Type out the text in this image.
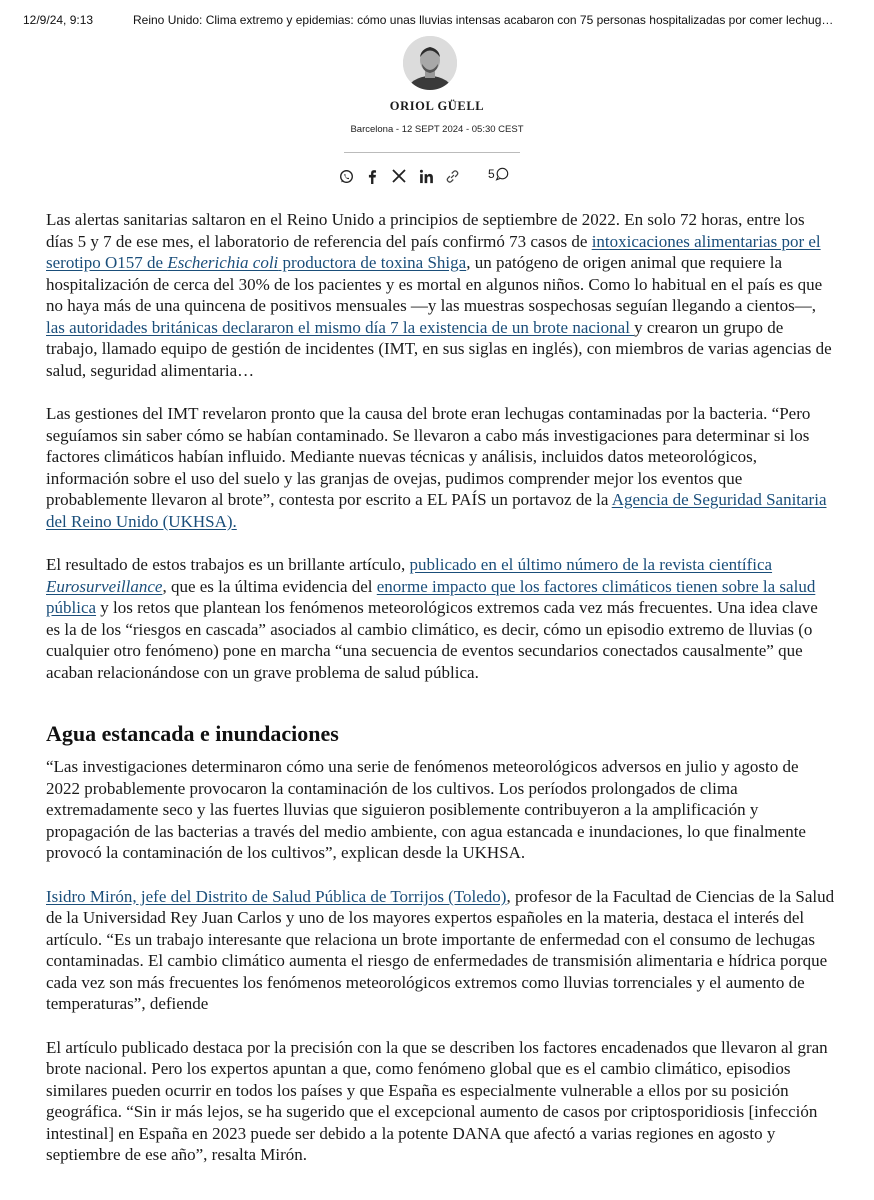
12/9/24, 9:13	Reino Unido: Clima extremo y epidemias: cómo unas lluvias intensas acabaron con 75 personas hospitalizadas por comer lechug…
ORIOL GÜELL
Barcelona - 12 SEPT 2024 - 05:30 CEST
5

Las alertas sanitarias saltaron en el Reino Unido a principios de septiembre de 2022. En solo 72 horas, entre los días 5 y 7 de ese mes, el laboratorio de referencia del país confirmó 73 casos de intoxicaciones alimentarias por el serotipo O157 de Escherichia coli productora de toxina Shiga, un patógeno de origen animal que requiere la hospitalización de cerca del 30% de los pacientes y es mortal en algunos niños. Como lo habitual en el país es que no haya más de una quincena de positivos mensuales —y las muestras sospechosas seguían llegando a cientos—, las autoridades británicas declararon el mismo día 7 la existencia de un brote nacional y crearon un grupo de trabajo, llamado equipo de gestión de incidentes (IMT, en sus siglas en inglés), con miembros de varias agencias de salud, seguridad alimentaria…

Las gestiones del IMT revelaron pronto que la causa del brote eran lechugas contaminadas por la bacteria. “Pero seguíamos sin saber cómo se habían contaminado. Se llevaron a cabo más investigaciones para determinar si los factores climáticos habían influido. Mediante nuevas técnicas y análisis, incluidos datos meteorológicos, información sobre el uso del suelo y las granjas de ovejas, pudimos comprender mejor los eventos que probablemente llevaron al brote”, contesta por escrito a EL PAÍS un portavoz de la Agencia de Seguridad Sanitaria del Reino Unido (UKHSA).

El resultado de estos trabajos es un brillante artículo, publicado en el último número de la revista científica Eurosurveillance, que es la última evidencia del enorme impacto que los factores climáticos tienen sobre la salud pública y los retos que plantean los fenómenos meteorológicos extremos cada vez más frecuentes. Una idea clave es la de los “riesgos en cascada” asociados al cambio climático, es decir, cómo un episodio extremo de lluvias (o cualquier otro fenómeno) pone en marcha “una secuencia de eventos secundarios conectados causalmente” que acaban relacionándose con un grave problema de salud pública.

Agua estancada e inundaciones

“Las investigaciones determinaron cómo una serie de fenómenos meteorológicos adversos en julio y agosto de 2022 probablemente provocaron la contaminación de los cultivos. Los períodos prolongados de clima extremadamente seco y las fuertes lluvias que siguieron posiblemente contribuyeron a la amplificación y propagación de las bacterias a través del medio ambiente, con agua estancada e inundaciones, lo que finalmente provocó la contaminación de los cultivos”, explican desde la UKHSA.

Isidro Mirón, jefe del Distrito de Salud Pública de Torrijos (Toledo), profesor de la Facultad de Ciencias de la Salud de la Universidad Rey Juan Carlos y uno de los mayores expertos españoles en la materia, destaca el interés del artículo. “Es un trabajo interesante que relaciona un brote importante de enfermedad con el consumo de lechugas contaminadas. El cambio climático aumenta el riesgo de enfermedades de transmisión alimentaria e hídrica porque cada vez son más frecuentes los fenómenos meteorológicos extremos como lluvias torrenciales y el aumento de temperaturas”, defiende

El artículo publicado destaca por la precisión con la que se describen los factores encadenados que llevaron al gran brote nacional. Pero los expertos apuntan a que, como fenómeno global que es el cambio climático, episodios similares pueden ocurrir en todos los países y que España es especialmente vulnerable a ellos por su posición geográfica. “Sin ir más lejos, se ha sugerido que el excepcional aumento de casos por criptosporidiosis [infección intestinal] en España en 2023 puede ser debido a la potente DANA que afectó a varias regiones en agosto y septiembre de ese año”, resalta Mirón.
